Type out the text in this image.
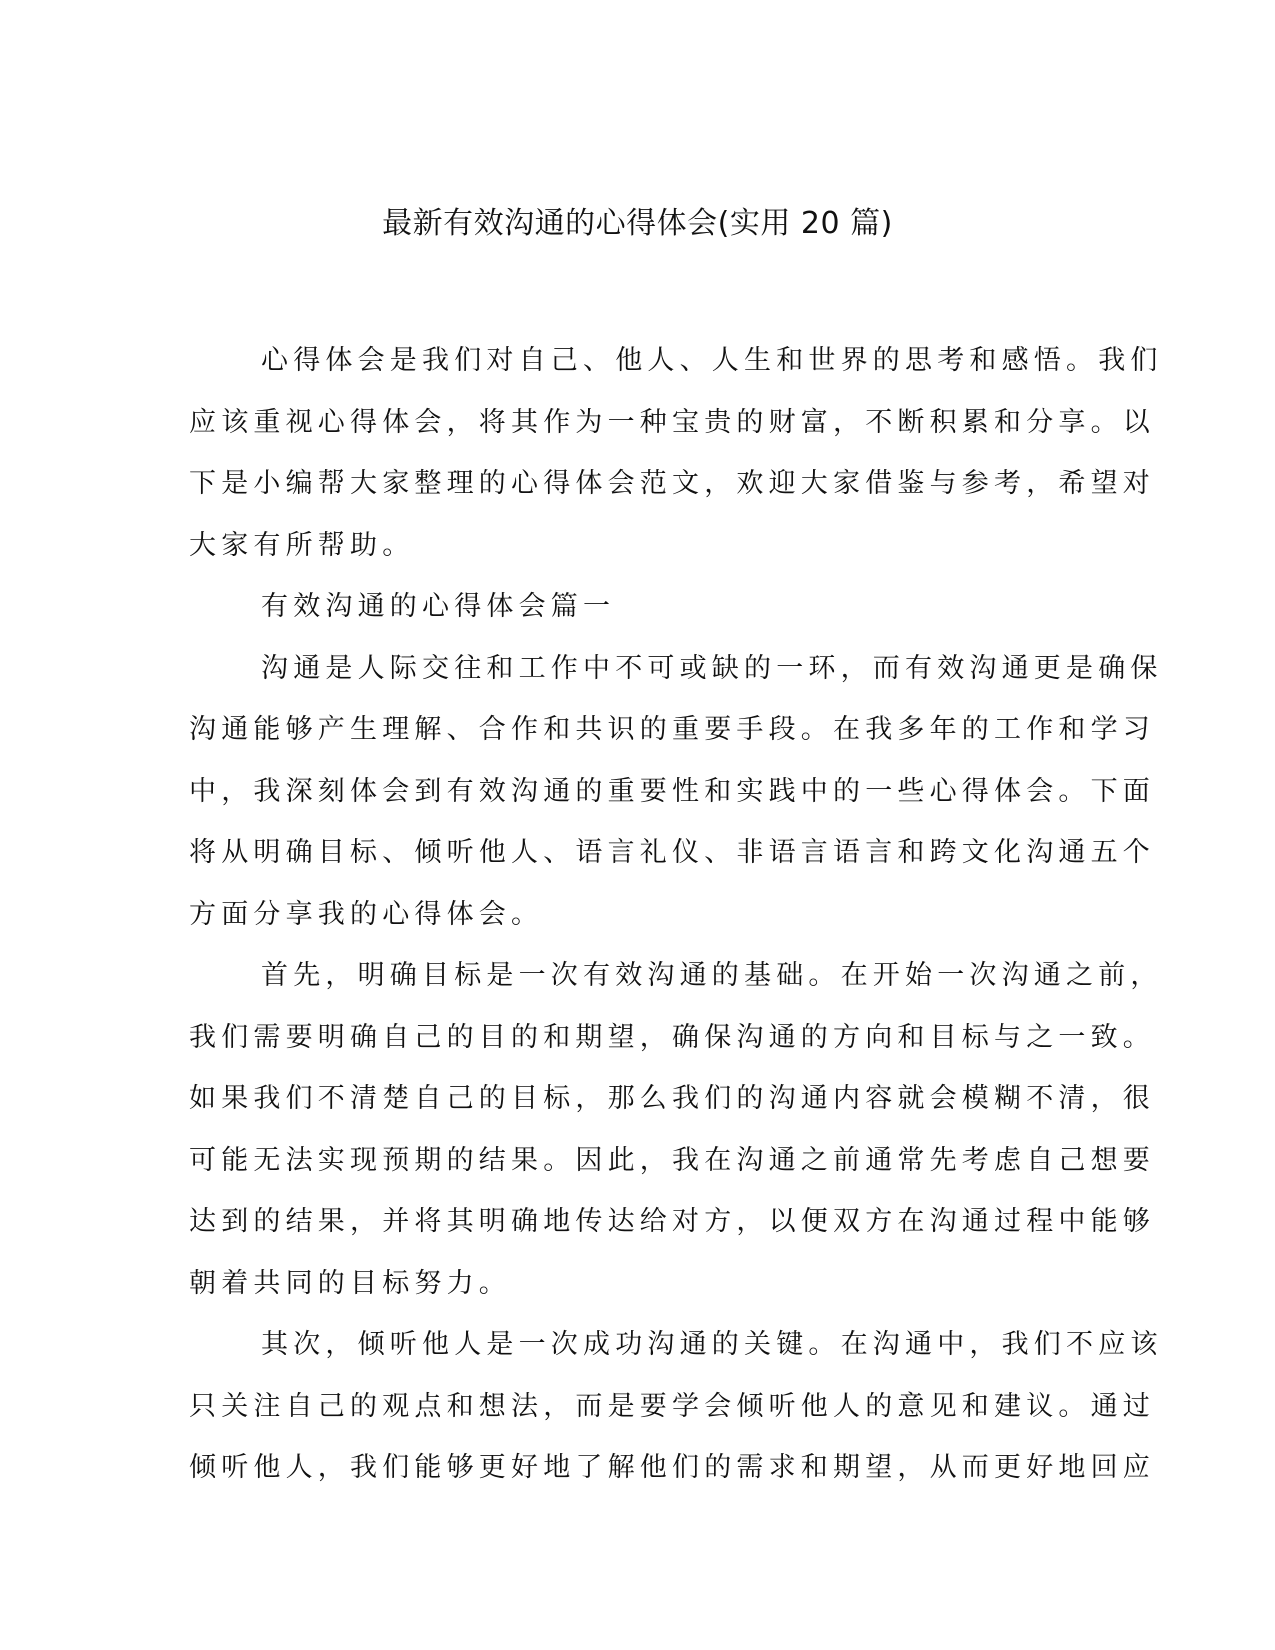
最新有效沟通的心得体会(实用 20 篇)

心得体会是我们对自己、他人、人生和世界的思考和感悟。我们
应该重视心得体会，将其作为一种宝贵的财富，不断积累和分享。以
下是小编帮大家整理的心得体会范文，欢迎大家借鉴与参考，希望对
大家有所帮助。

有效沟通的心得体会篇一

沟通是人际交往和工作中不可或缺的一环，而有效沟通更是确保
沟通能够产生理解、合作和共识的重要手段。在我多年的工作和学习
中，我深刻体会到有效沟通的重要性和实践中的一些心得体会。下面
将从明确目标、倾听他人、语言礼仪、非语言语言和跨文化沟通五个
方面分享我的心得体会。

首先，明确目标是一次有效沟通的基础。在开始一次沟通之前，
我们需要明确自己的目的和期望，确保沟通的方向和目标与之一致。
如果我们不清楚自己的目标，那么我们的沟通内容就会模糊不清，很
可能无法实现预期的结果。因此，我在沟通之前通常先考虑自己想要
达到的结果，并将其明确地传达给对方，以便双方在沟通过程中能够
朝着共同的目标努力。

其次，倾听他人是一次成功沟通的关键。在沟通中，我们不应该
只关注自己的观点和想法，而是要学会倾听他人的意见和建议。通过
倾听他人，我们能够更好地了解他们的需求和期望，从而更好地回应
